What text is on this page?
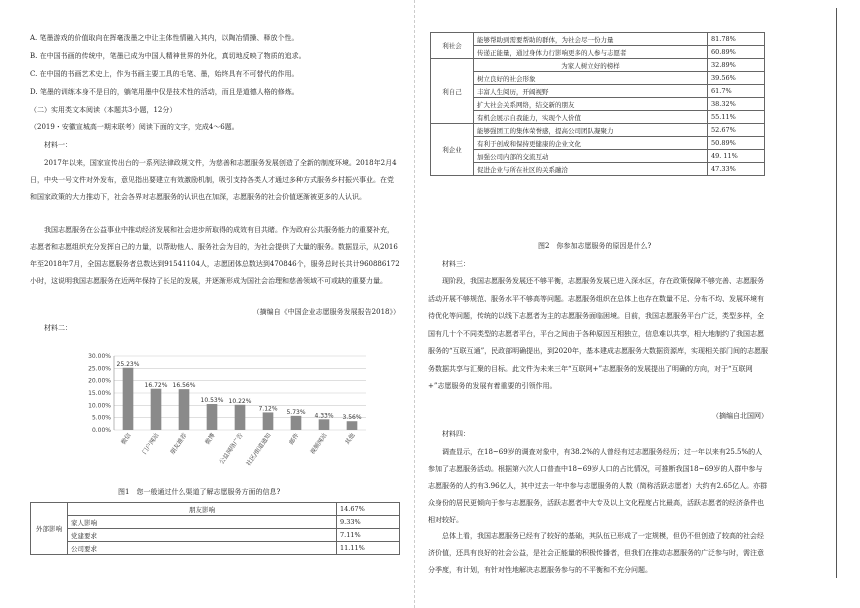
A. 笔墨游戏的价值取向在挥毫泼墨之中让主体性情融入其内，以陶冶情操、释放个性。

B. 在中国书画的传统中，笔墨已成为中国人精神世界的外化，真切地反映了物质的追求。

C. 在中国的书画艺术史上，作为书画主要工具的毛笔、墨，始终具有不可替代的作用。

D. 笔墨的训练本身不是目的，躺笔用墨中仅是技术性的活动，而且是道德人格的修炼。

（二）实用类文本阅读（本题共3小题，12分）

（2019・安徽宣城高一期末联考）阅读下面的文字，完成4～6题。

材料一：

2017年以来，国家宣传出台的一系列法律政规文件，为慈善和志愿服务发展创造了全新的制度环境。2018年2月4日，中央一号文件对外发布，意见指出要建立有效激励机制，吸引支持各类人才通过多种方式服务乡村振兴事业。在党和国家政策的大力推动下，社会各界对志愿服务的认识也在加深，志愿服务的社会价值逐渐被更多的人认识。

我国志愿服务在公益事业中推动经济发展和社会进步所取得的成效有目共睹。作为政府公共服务能力的重要补充，志愿者和志愿组织充分发挥自己的力量，以帮助他人、服务社会为目的，为社会提供了大量的服务。数据显示，从2016年至2018年7月，全国志愿服务者总数达到91541104人，志愿团体总数达到470846个，服务总时长共计960886172小时，这说明我国志愿服务在近两年保持了长足的发展，并逐渐形成为国社会治理和慈善领域不可或缺的重要力量。

（摘编自《中国企业志愿服务发展报告2018》）

材料二：

30.00%
25.00%
20.00%
15.00%
10.00%
5.00%
0.00%
25.23%
微信
16.72%
门户网站
16.56%
朋友推荐
10.53%
微博
10.22%
公益网络广告
7.12%
社区/街道通知
5.73%
邮件
4.33%
视频网站
3.56%
其他

图1　您一般通过什么渠道了解志愿服务方面的信息?

外部影响	朋友影响	14.67%
	家人影响	9.33%
	党建要求	7.11%
	公司要求	11.11%
利社会	能够帮助到需要帮助的群体，为社会尽一份力量	81.78%
	传递正能量，通过身体力行影响更多的人参与志愿者	60.89%
利自己	为家人树立好的榜样	32.89%
	树立良好的社会形象	39.56%
	丰富人生阅历，开阔视野	61.7%
	扩大社会关系网络，结交新的朋友	38.32%
	有机会展示自我能力，实现个人价值	55.11%
利企业	能够强团工的集体荣誉感，提高公司团队凝聚力	52.67%
	有利于创成和保持更健康的企业文化	50.89%
	加强公司内部的交流互动	49. 11%
	促进企业与所在社区的关系融洽	47.33%

图2　你参加志愿服务的原因是什么?

材料三：

现阶段，我国志愿服务发展还不够平衡，志愿服务发展已进入深水区，存在政策保障不够完善、志愿服务活动开展不够规范、服务水平不够高等问题。志愿服务组织在总体上也存在数量不足、分布不均、发展环境有待优化等问题，传统的以线下志愿者为主的志愿服务面临困境。目前，我国志愿服务平台广泛，类型多样，全国有几十个不同类型的志愿者平台，平台之间由于各种原因互相独立，信息难以共享，相大地制约了我国志愿服务的“互联互通”，民政部明确提出，到2020年，基本建成志愿服务大数据资源库，实现相关部门间的志愿服务数据共享与汇聚的目标。此文件为未来三年“互联网+”志愿服务的发展提出了明确的方向，对于“互联网+”志愿服务的发展有着重要的引领作用。

（摘编自北国网）

材料四：

调查显示，在18~69岁的调查对象中，有38.2%的人曾经有过志愿服务经历；过一年以来有25.5%的人参加了志愿服务活动。根据第六次人口普查中18~69岁人口的占比情况，可推断我国18~69岁的人群中参与志愿服务的人约有3.96亿人，其中过去一年中参与志愿服务的人数（简称活跃志愿者）大约有2.65亿人。亦群众身份的居民更倾向于参与志愿服务，活跃志愿者中大专及以上文化程度占比最高，活跃志愿者的经济条件也相对较好。

总体上看，我国志愿服务已经有了较好的基础，其队伍已形成了一定规模，但仍不但创造了较高的社会经济价值，还具有良好的社会公益，是社会正能量的积极传播者，但我们在推动志愿服务的广泛参与时，需注意分季度，有计划，有针对性地解决志愿服务参与的不平衡和不充分问题。
